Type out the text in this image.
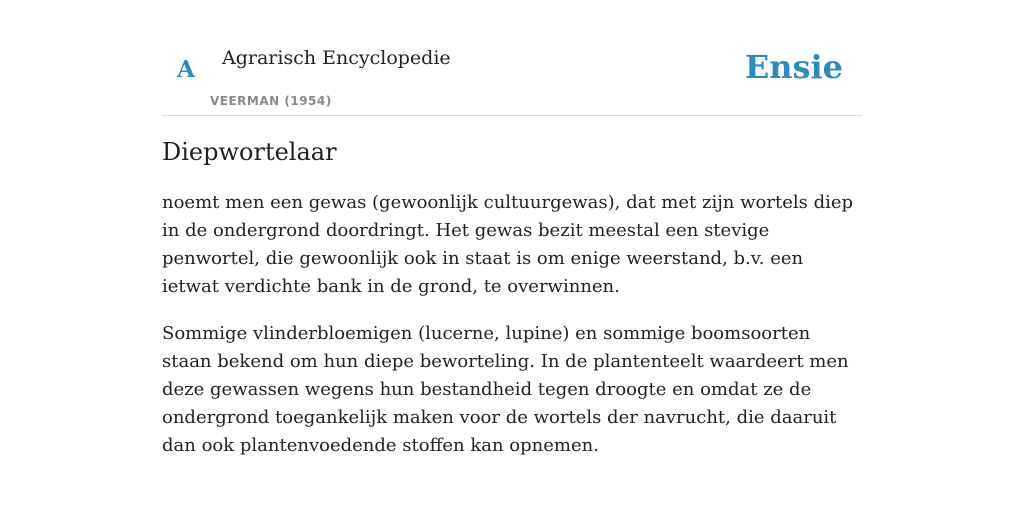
A Agrarisch Encyclopedie
VEERMAN (1954)
Ensie
Diepwortelaar

noemt men een gewas (gewoonlijk cultuurgewas), dat met zijn wortels diep in de ondergrond doordringt. Het gewas bezit meestal een stevige penwortel, die gewoonlijk ook in staat is om enige weerstand, b.v. een ietwat verdichte bank in de grond, te overwinnen.

Sommige vlinderbloemigen (lucerne, lupine) en sommige boomsoorten staan bekend om hun diepe beworteling. In de plantenteelt waardeert men deze gewassen wegens hun bestandheid tegen droogte en omdat ze de ondergrond toegankelijk maken voor de wortels der navrucht, die daaruit dan ook plantenvoedende stoffen kan opnemen.
